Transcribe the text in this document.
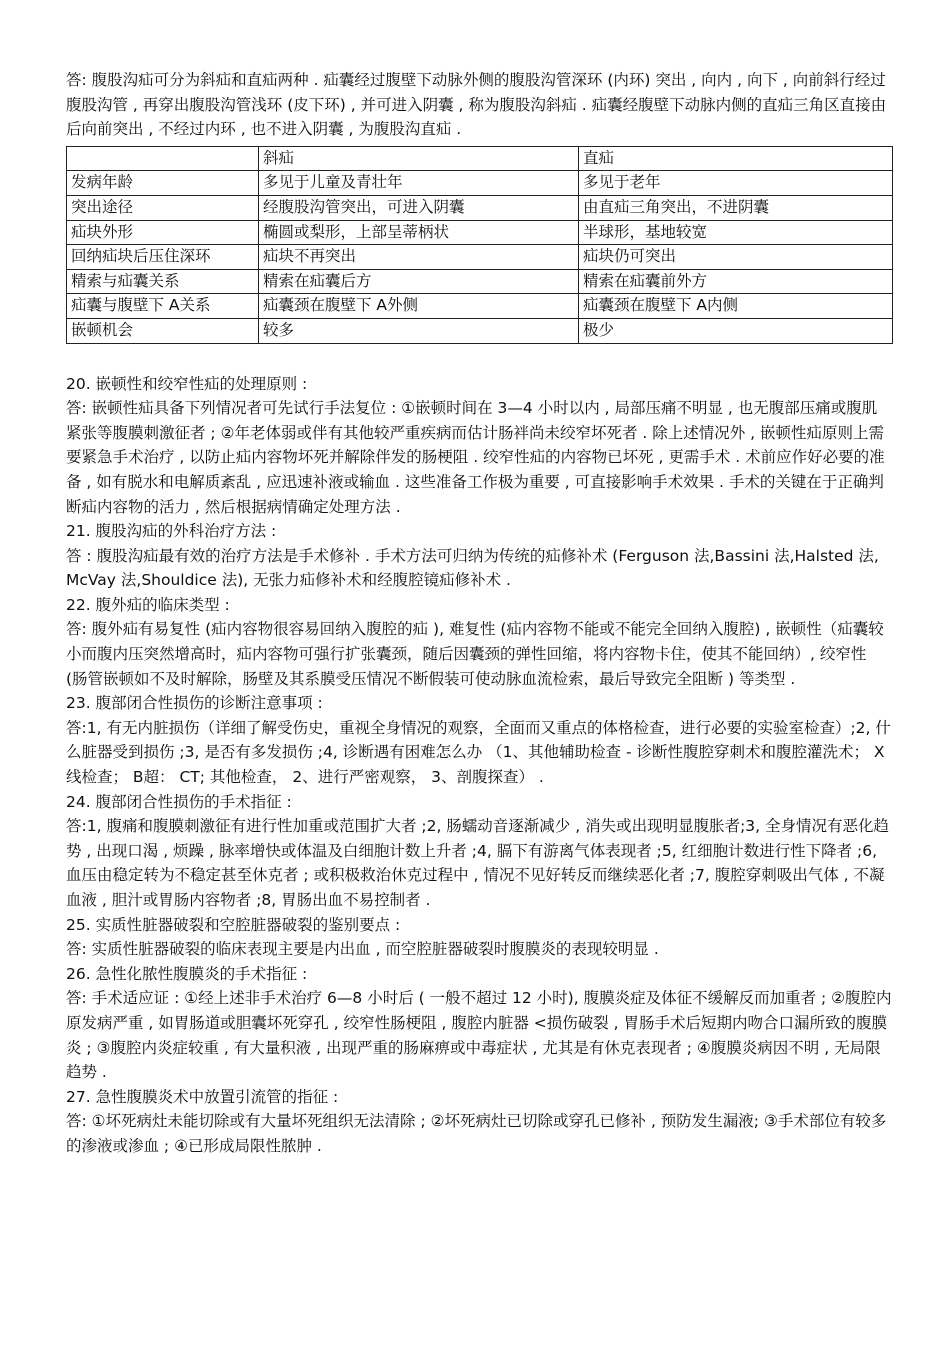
答: 腹股沟疝可分为斜疝和直疝两种 . 疝囊经过腹壁下动脉外侧的腹股沟管深环 (内环) 突出 , 向内 , 向下 , 向前斜行经过腹股沟管 , 再穿出腹股沟管浅环 (皮下环) , 并可进入阴囊 , 称为腹股沟斜疝 . 疝囊经腹壁下动脉内侧的直疝三角区直接由后向前突出 , 不经过内环 , 也不进入阴囊 , 为腹股沟直疝 .

	斜疝	直疝
发病年龄	多见于儿童及青壮年	多见于老年
突出途径	经腹股沟管突出，可进入阴囊	由直疝三角突出，不进阴囊
疝块外形	椭圆或梨形，上部呈蒂柄状	半球形，基地较宽
回纳疝块后压住深环	疝块不再突出	疝块仍可突出
精索与疝囊关系	精索在疝囊后方	精索在疝囊前外方
疝囊与腹壁下 A关系	疝囊颈在腹壁下 A外侧	疝囊颈在腹壁下 A内侧
嵌顿机会	较多	极少

20. 嵌顿性和绞窄性疝的处理原则 :

答: 嵌顿性疝具备下列情况者可先试行手法复位 : ①嵌顿时间在 3—4 小时以内 , 局部压痛不明显 , 也无腹部压痛或腹肌紧张等腹膜刺激征者 ; ②年老体弱或伴有其他较严重疾病而估计肠袢尚未绞窄坏死者 . 除上述情况外 , 嵌顿性疝原则上需要紧急手术治疗 , 以防止疝内容物坏死并解除伴发的肠梗阻 . 绞窄性疝的内容物已坏死 , 更需手术 . 术前应作好必要的准备 , 如有脱水和电解质紊乱 , 应迅速补液或输血 . 这些准备工作极为重要 , 可直接影响手术效果 . 手术的关键在于正确判断疝内容物的活力 , 然后根据病情确定处理方法 .

21. 腹股沟疝的外科治疗方法 :

答 : 腹股沟疝最有效的治疗方法是手术修补 . 手术方法可归纳为传统的疝修补术 (Ferguson 法,Bassini 法,Halsted 法,McVay 法,Shouldice 法), 无张力疝修补术和经腹腔镜疝修补术 .

22. 腹外疝的临床类型 :

答: 腹外疝有易复性 (疝内容物很容易回纳入腹腔的疝 ), 难复性 (疝内容物不能或不能完全回纳入腹腔) , 嵌顿性（疝囊较小而腹内压突然增高时，疝内容物可强行扩张囊颈，随后因囊颈的弹性回缩，将内容物卡住，使其不能回纳）, 绞窄性 (肠管嵌顿如不及时解除，肠壁及其系膜受压情况不断假装可使动脉血流检索，最后导致完全阻断 ) 等类型 .

23. 腹部闭合性损伤的诊断注意事项 :

答:1, 有无内脏损伤（详细了解受伤史，重视全身情况的观察，全面而又重点的体格检查，进行必要的实验室检查）;2, 什么脏器受到损伤 ;3, 是否有多发损伤 ;4, 诊断遇有困难怎么办 （1、其他辅助检查 - 诊断性腹腔穿刺术和腹腔灌洗术； X线检查； B超： CT; 其他检查， 2、进行严密观察， 3、剖腹探查） .

24. 腹部闭合性损伤的手术指征 :

答:1, 腹痛和腹膜刺激征有进行性加重或范围扩大者 ;2, 肠蠕动音逐渐减少 , 消失或出现明显腹胀者;3, 全身情况有恶化趋势 , 出现口渴 , 烦躁 , 脉率增快或体温及白细胞计数上升者 ;4, 膈下有游离气体表现者 ;5, 红细胞计数进行性下降者 ;6, 血压由稳定转为不稳定甚至休克者 ; 或积极救治休克过程中 , 情况不见好转反而继续恶化者 ;7, 腹腔穿刺吸出气体 , 不凝血液 , 胆汁或胃肠内容物者 ;8, 胃肠出血不易控制者 .

25. 实质性脏器破裂和空腔脏器破裂的鉴别要点 :

答: 实质性脏器破裂的临床表现主要是内出血 , 而空腔脏器破裂时腹膜炎的表现较明显 .

26. 急性化脓性腹膜炎的手术指征 :

答: 手术适应证 : ①经上述非手术治疗 6—8 小时后 ( 一般不超过 12 小时), 腹膜炎症及体征不缓解反而加重者 ; ②腹腔内原发病严重 , 如胃肠道或胆囊坏死穿孔 , 绞窄性肠梗阻 , 腹腔内脏器 <损伤破裂 , 胃肠手术后短期内吻合口漏所致的腹膜炎 ; ③腹腔内炎症较重 , 有大量积液 , 出现严重的肠麻痹或中毒症状 , 尤其是有休克表现者 ; ④腹膜炎病因不明 , 无局限趋势 .

27. 急性腹膜炎术中放置引流管的指征 :

答: ①坏死病灶未能切除或有大量坏死组织无法清除 ; ②坏死病灶已切除或穿孔已修补 , 预防发生漏液; ③手术部位有较多的渗液或渗血 ; ④已形成局限性脓肿 .
